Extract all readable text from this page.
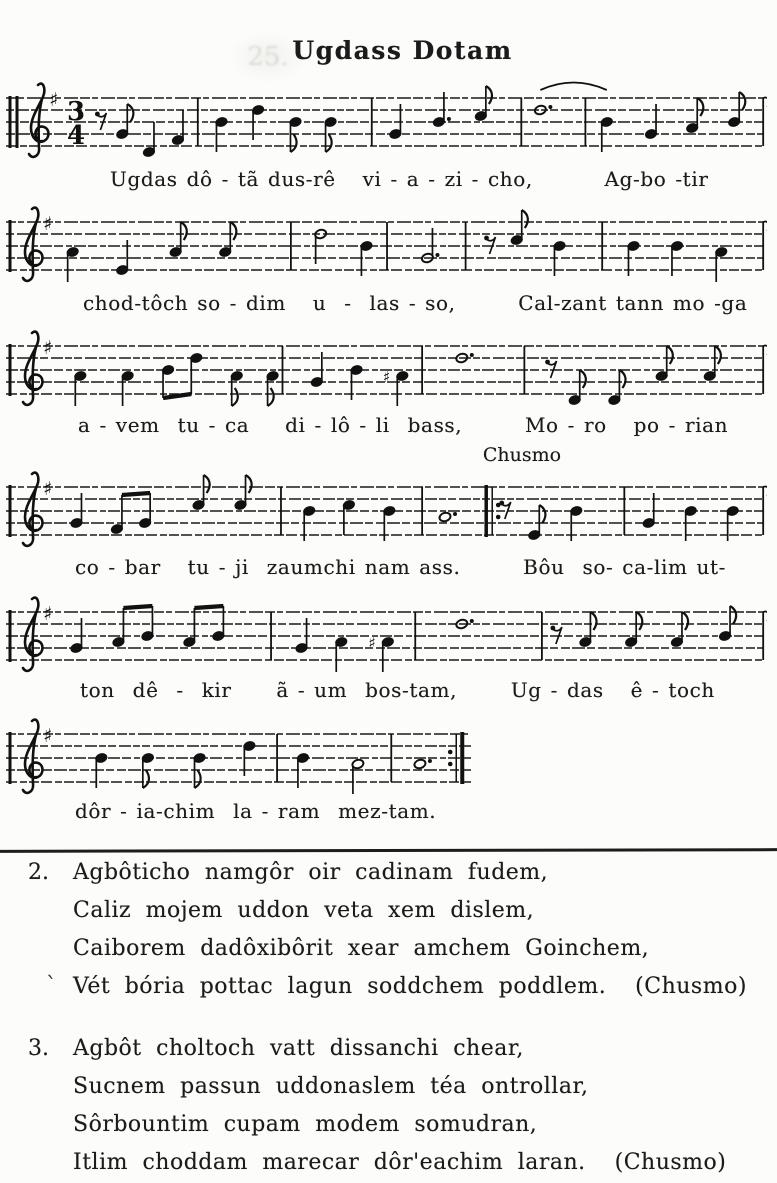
25. Ugdass Dotam
♯ 3
4
Ugdas dô - tã dus-rê   vi - a - zi - cho,        Ag-bo -tir
♯
chod-tôch so - dim   u  -  las - so,       Cal-zant tann mo -ga
♯
♯
a - vem  tu - ca    di - lô - li  bass,       Mo - ro   po - rian
Chusmo
♯
co - bar   tu - ji  zaumchi nam ass.       Bôu  so- ca-lim ut-
♯
♯
ton  dê  -  kir     ã - um  bos-tam,      Ug - das   ê - toch
♯
dôr - ia-chim  la - ram  mez-tam.
2. Agbôticho namgôr oir cadinam fudem,
Caliz mojem uddon veta xem dislem,
Caiborem dadôxibôrit xear amchem Goinchem,
` Vét bória pottac lagun soddchem poddlem.  (Chusmo)
3. Agbôt choltoch vatt dissanchi chear,
Sucnem passun uddonaslem téa ontrollar,
Sôrbountim cupam modem somudran,
Itlim choddam marecar dôr'eachim laran.  (Chusmo)
